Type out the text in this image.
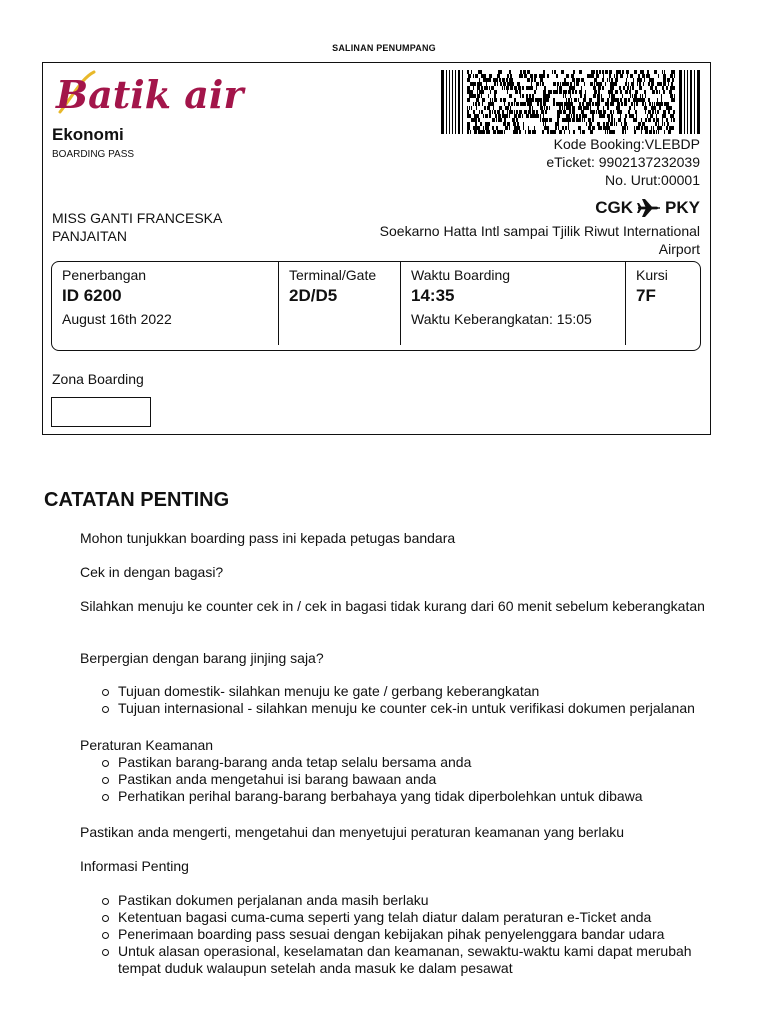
SALINAN PENUMPANG
Batik air
Ekonomi
BOARDING PASS
Kode Booking:VLEBDP
eTicket: 9902137232039
No. Urut:00001
MISS GANTI FRANCESKA
PANJAITAN
CGK PKY
Soekarno Hatta Intl sampai Tjilik Riwut International Airport
Penerbangan
ID 6200
August 16th 2022
Terminal/Gate
2D/D5
Waktu Boarding
14:35
Waktu Keberangkatan: 15:05
Kursi
7F
Zona Boarding
CATATAN PENTING
Mohon tunjukkan boarding pass ini kepada petugas bandara
Cek in dengan bagasi?
Silahkan menuju ke counter cek in / cek in bagasi tidak kurang dari 60 menit sebelum keberangkatan
Berpergian dengan barang jinjing saja?
Tujuan domestik- silahkan menuju ke gate / gerbang keberangkatan
Tujuan internasional - silahkan menuju ke counter cek-in untuk verifikasi dokumen perjalanan
Peraturan Keamanan
Pastikan barang-barang anda tetap selalu bersama anda
Pastikan anda mengetahui isi barang bawaan anda
Perhatikan perihal barang-barang berbahaya yang tidak diperbolehkan untuk dibawa
Pastikan anda mengerti, mengetahui dan menyetujui peraturan keamanan yang berlaku
Informasi Penting
Pastikan dokumen perjalanan anda masih berlaku
Ketentuan bagasi cuma-cuma seperti yang telah diatur dalam peraturan e-Ticket anda
Penerimaan boarding pass sesuai dengan kebijakan pihak penyelenggara bandar udara
Untuk alasan operasional, keselamatan dan keamanan, sewaktu-waktu kami dapat merubah tempat duduk walaupun setelah anda masuk ke dalam pesawat
